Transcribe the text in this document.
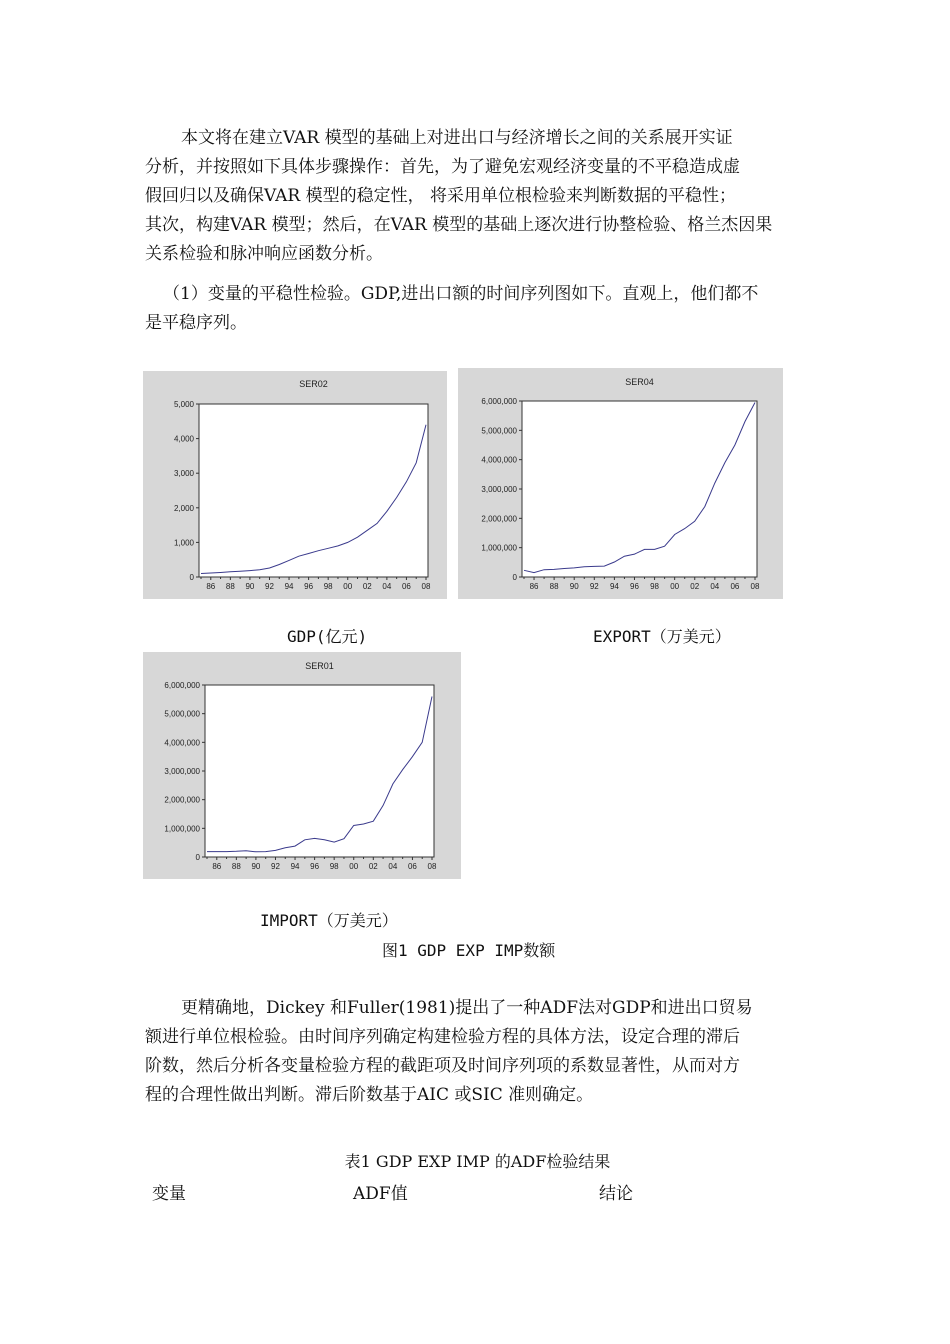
本文将在建立VAR 模型的基础上对进出口与经济增长之间的关系展开实证
分析，并按照如下具体步骤操作：首先，为了避免宏观经济变量的不平稳造成虚
假回归以及确保VAR 模型的稳定性， 将采用单位根检验来判断数据的平稳性；
其次，构建VAR 模型；然后，在VAR 模型的基础上逐次进行协整检验、格兰杰因果
关系检验和脉冲响应函数分析。
（1）变量的平稳性检验。GDP,进出口额的时间序列图如下。直观上，他们都不
是平稳序列。
SER02
0
1,000
2,000
3,000
4,000
5,000
86 88 90 92 94 96 98 00 02 04 06 08
SER04
0
1,000,000
2,000,000
3,000,000
4,000,000
5,000,000
6,000,000
86 88 90 92 94 96 98 00 02 04 06 08
SER01
0
1,000,000
2,000,000
3,000,000
4,000,000
5,000,000
6,000,000
86 88 90 92 94 96 98 00 02 04 06 08
GDP(亿元)	EXPORT（万美元）
IMPORT（万美元）
图1 GDP EXP IMP数额
更精确地，Dickey 和Fuller(1981)提出了一种ADF法对GDP和进出口贸易
额进行单位根检验。由时间序列确定构建检验方程的具体方法，设定合理的滞后
阶数，然后分析各变量检验方程的截距项及时间序列项的系数显著性，从而对方
程的合理性做出判断。滞后阶数基于AIC 或SIC 准则确定。
表1 GDP EXP IMP 的ADF检验结果
变量	ADF值	结论
